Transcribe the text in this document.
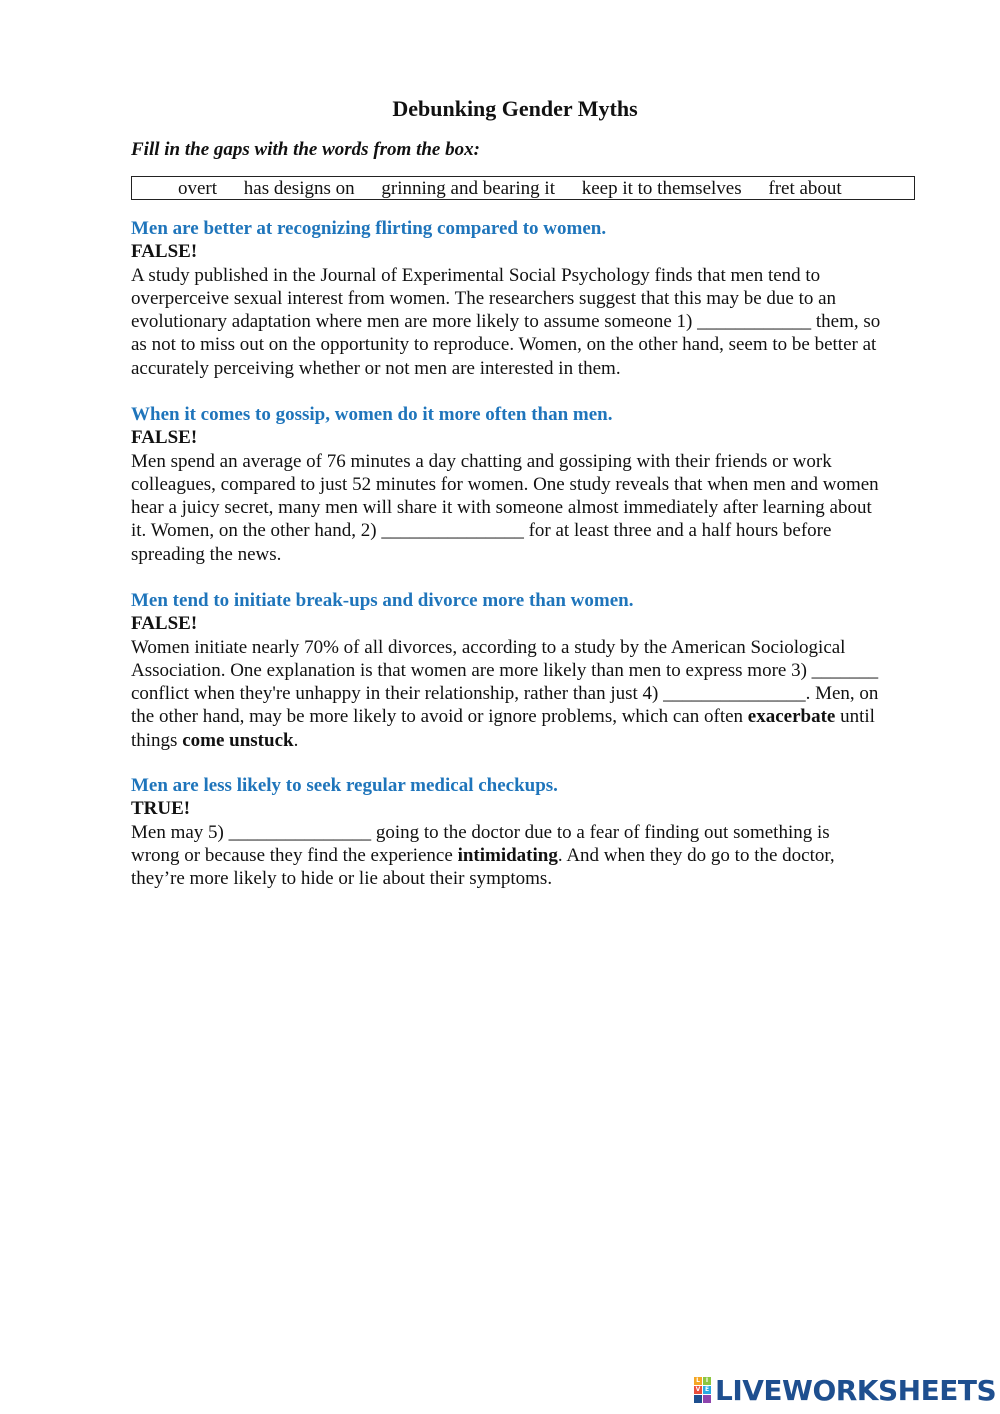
Debunking Gender Myths
Fill in the gaps with the words from the box:
overt has designs on grinning and bearing it keep it to themselves fret about
Men are better at recognizing flirting compared to women.
FALSE!

A study published in the Journal of Experimental Social Psychology finds that men tend to

overperceive sexual interest from women. The researchers suggest that this may be due to an

evolutionary adaptation where men are more likely to assume someone 1) ____________ them, so

as not to miss out on the opportunity to reproduce. Women, on the other hand, seem to be better at

accurately perceiving whether or not men are interested in them.

When it comes to gossip, women do it more often than men.
FALSE!

Men spend an average of 76 minutes a day chatting and gossiping with their friends or work

colleagues, compared to just 52 minutes for women. One study reveals that when men and women

hear a juicy secret, many men will share it with someone almost immediately after learning about

it. Women, on the other hand, 2) _______________ for at least three and a half hours before

spreading the news.

Men tend to initiate break-ups and divorce more than women.
FALSE!

Women initiate nearly 70% of all divorces, according to a study by the American Sociological

Association. One explanation is that women are more likely than men to express more 3) _______

conflict when they're unhappy in their relationship, rather than just 4) _______________. Men, on

the other hand, may be more likely to avoid or ignore problems, which can often exacerbate until

things come unstuck.

Men are less likely to seek regular medical checkups.
TRUE!

Men may 5) _______________ going to the doctor due to a fear of finding out something is

wrong or because they find the experience intimidating. And when they do go to the doctor,

they’re more likely to hide or lie about their symptoms.

L I
V E LIVEWORKSHEETS
